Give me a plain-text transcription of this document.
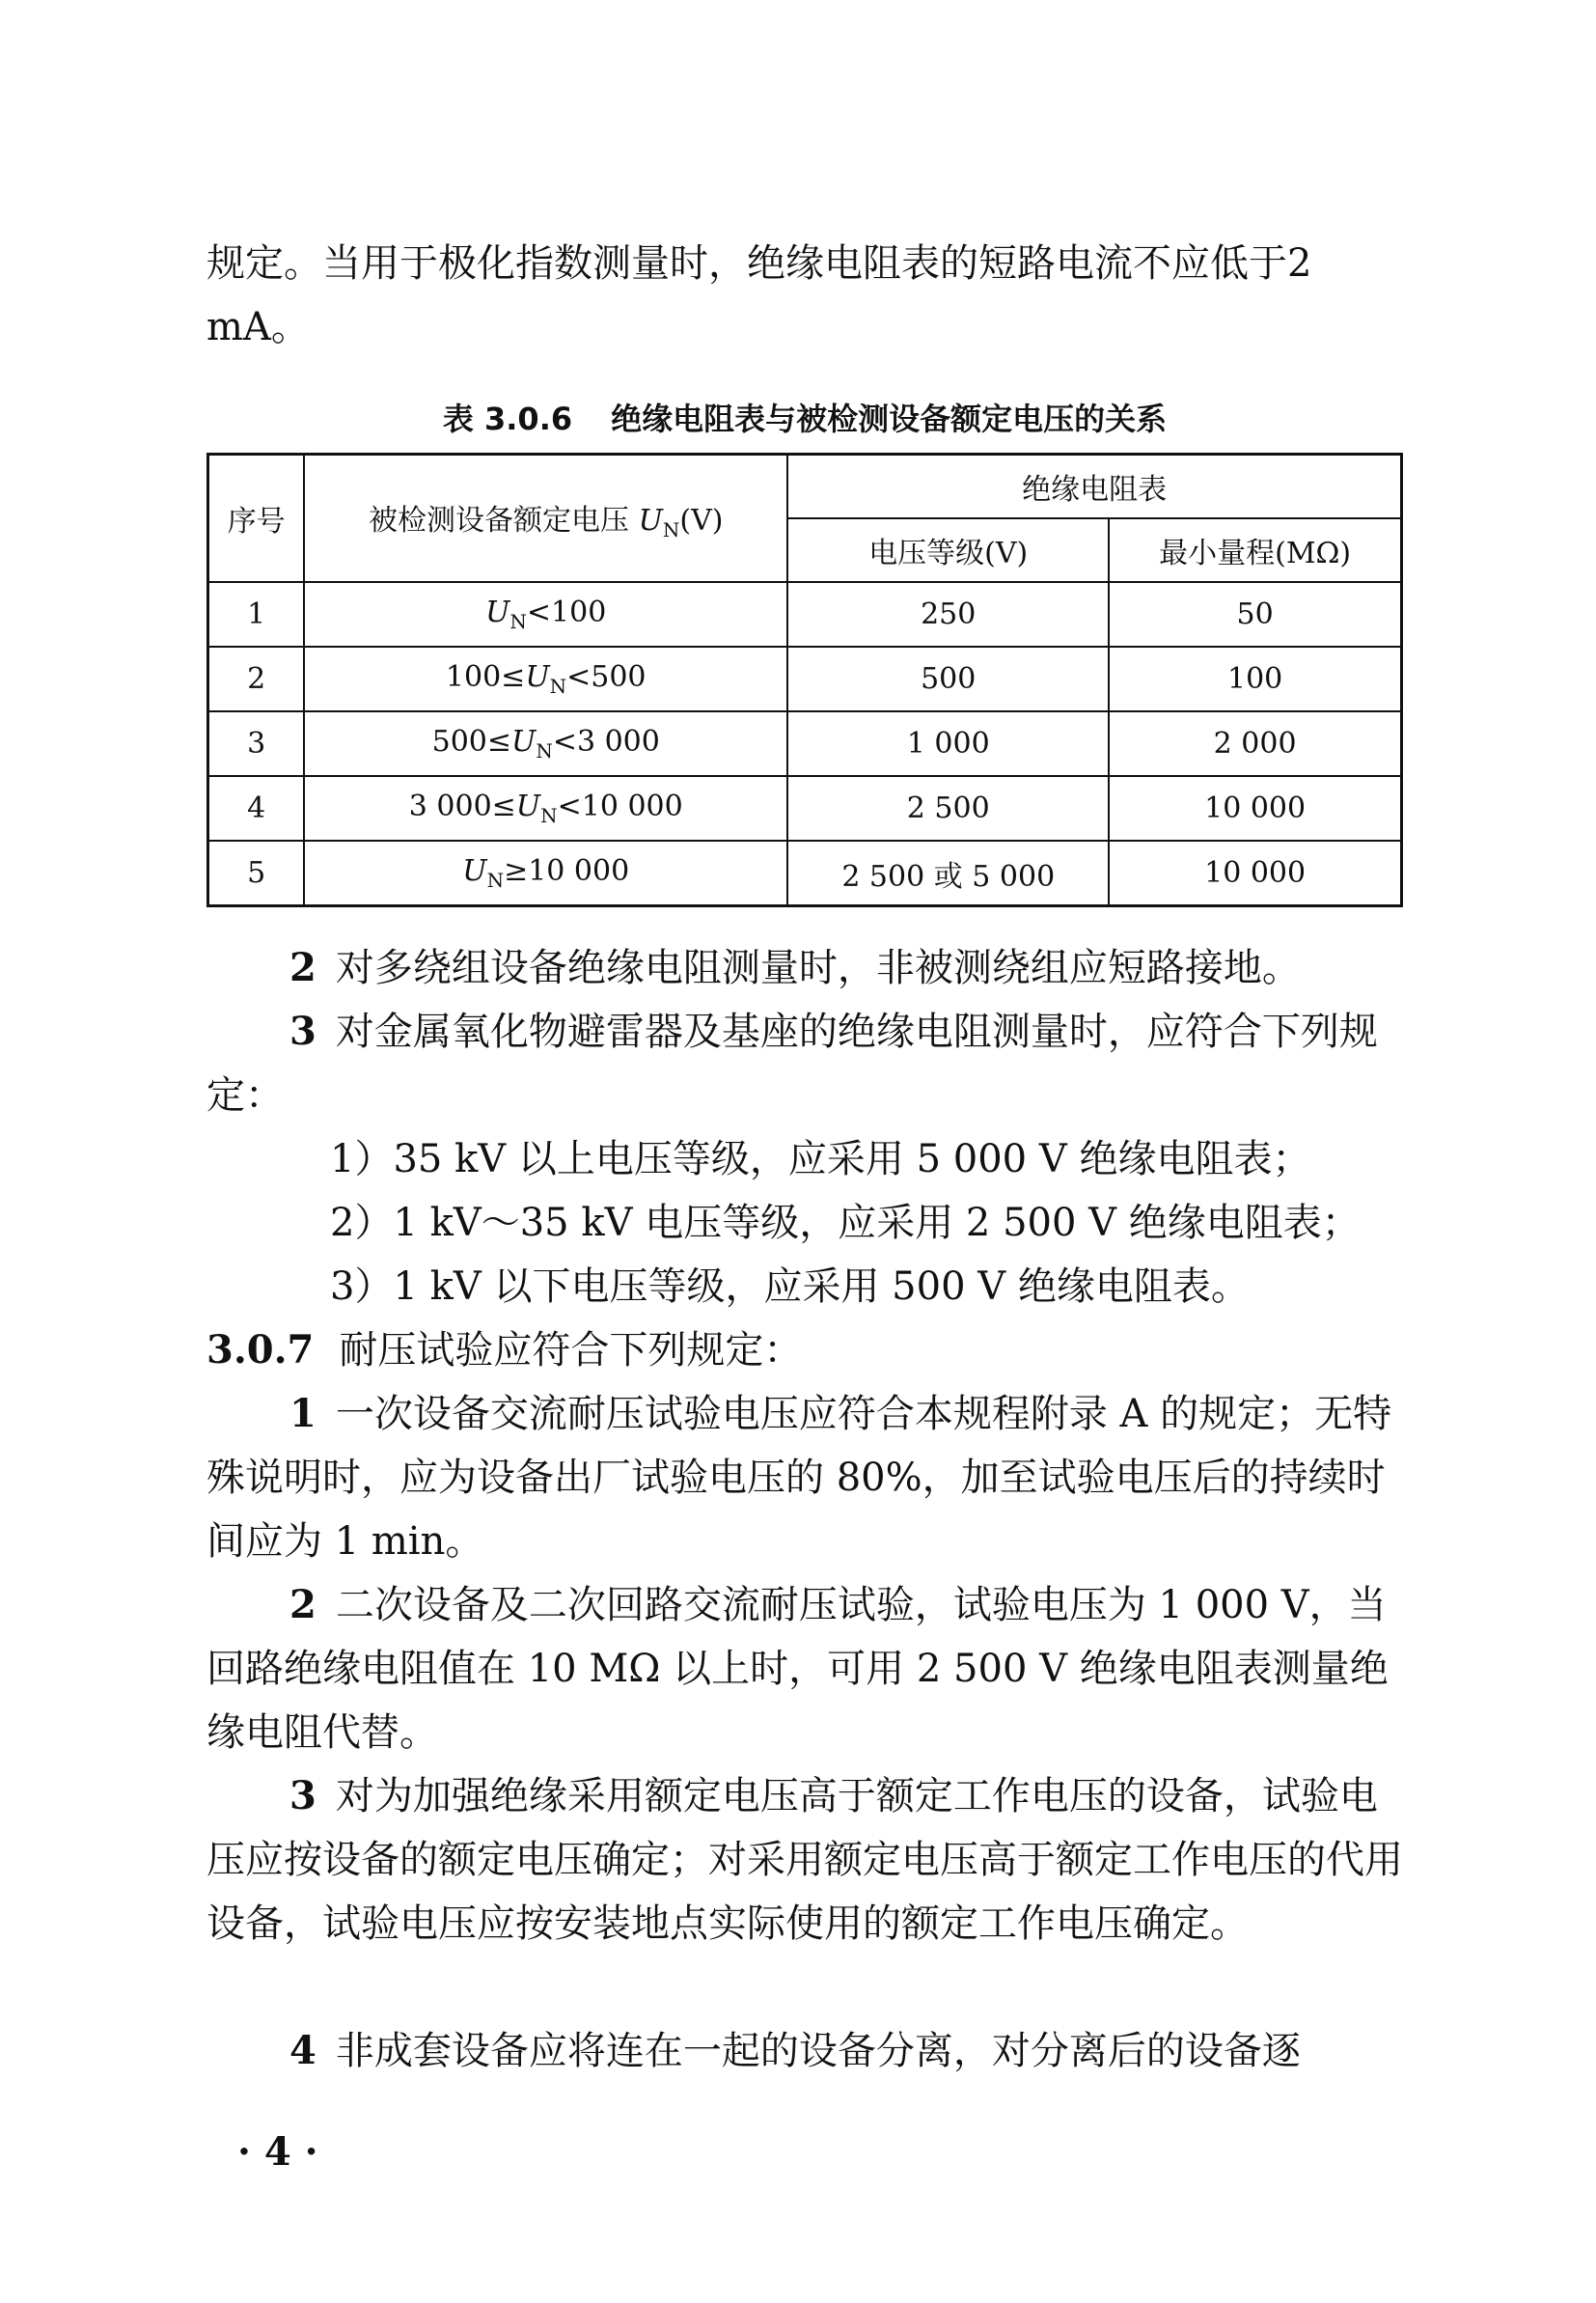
规定。当用于极化指数测量时，绝缘电阻表的短路电流不应低于2 mA。

表 3.0.6 绝缘电阻表与被检测设备额定电压的关系
序号	被检测设备额定电压 $U_N(V)$	绝缘电阻表	
		电压等级(V)	最小量程(MΩ)
1	$U_N<100$	250	50
2	$100\le U_N<500$	500	100
3	$500\le U_N<3$ 000	1 000	2 000
4	3 $000\le U_N<10$ 000	2 500	10 000
5	$U_N\ge 10$ 000	2 500 或 5 000	10 000

2 对多绕组设备绝缘电阻测量时，非被测绕组应短路接地。

3 对金属氧化物避雷器及基座的绝缘电阻测量时，应符合下列规定：

1）35 kV 以上电压等级，应采用 5 000 V 绝缘电阻表；

2）1 kV～35 kV 电压等级，应采用 2 500 V 绝缘电阻表；

3）1 kV 以下电压等级，应采用 500 V 绝缘电阻表。

3.0.7 耐压试验应符合下列规定：

1 一次设备交流耐压试验电压应符合本规程附录 A 的规定；无特殊说明时，应为设备出厂试验电压的 80%，加至试验电压后的持续时间应为 1 min。

2 二次设备及二次回路交流耐压试验，试验电压为 1 000 V，当回路绝缘电阻值在 10 MΩ 以上时，可用 2 500 V 绝缘电阻表测量绝缘电阻代替。

3 对为加强绝缘采用额定电压高于额定工作电压的设备，试验电压应按设备的额定电压确定；对采用额定电压高于额定工作电压的代用设备，试验电压应按安装地点实际使用的额定工作电压确定。

4 非成套设备应将连在一起的设备分离，对分离后的设备逐

· 4 ·
